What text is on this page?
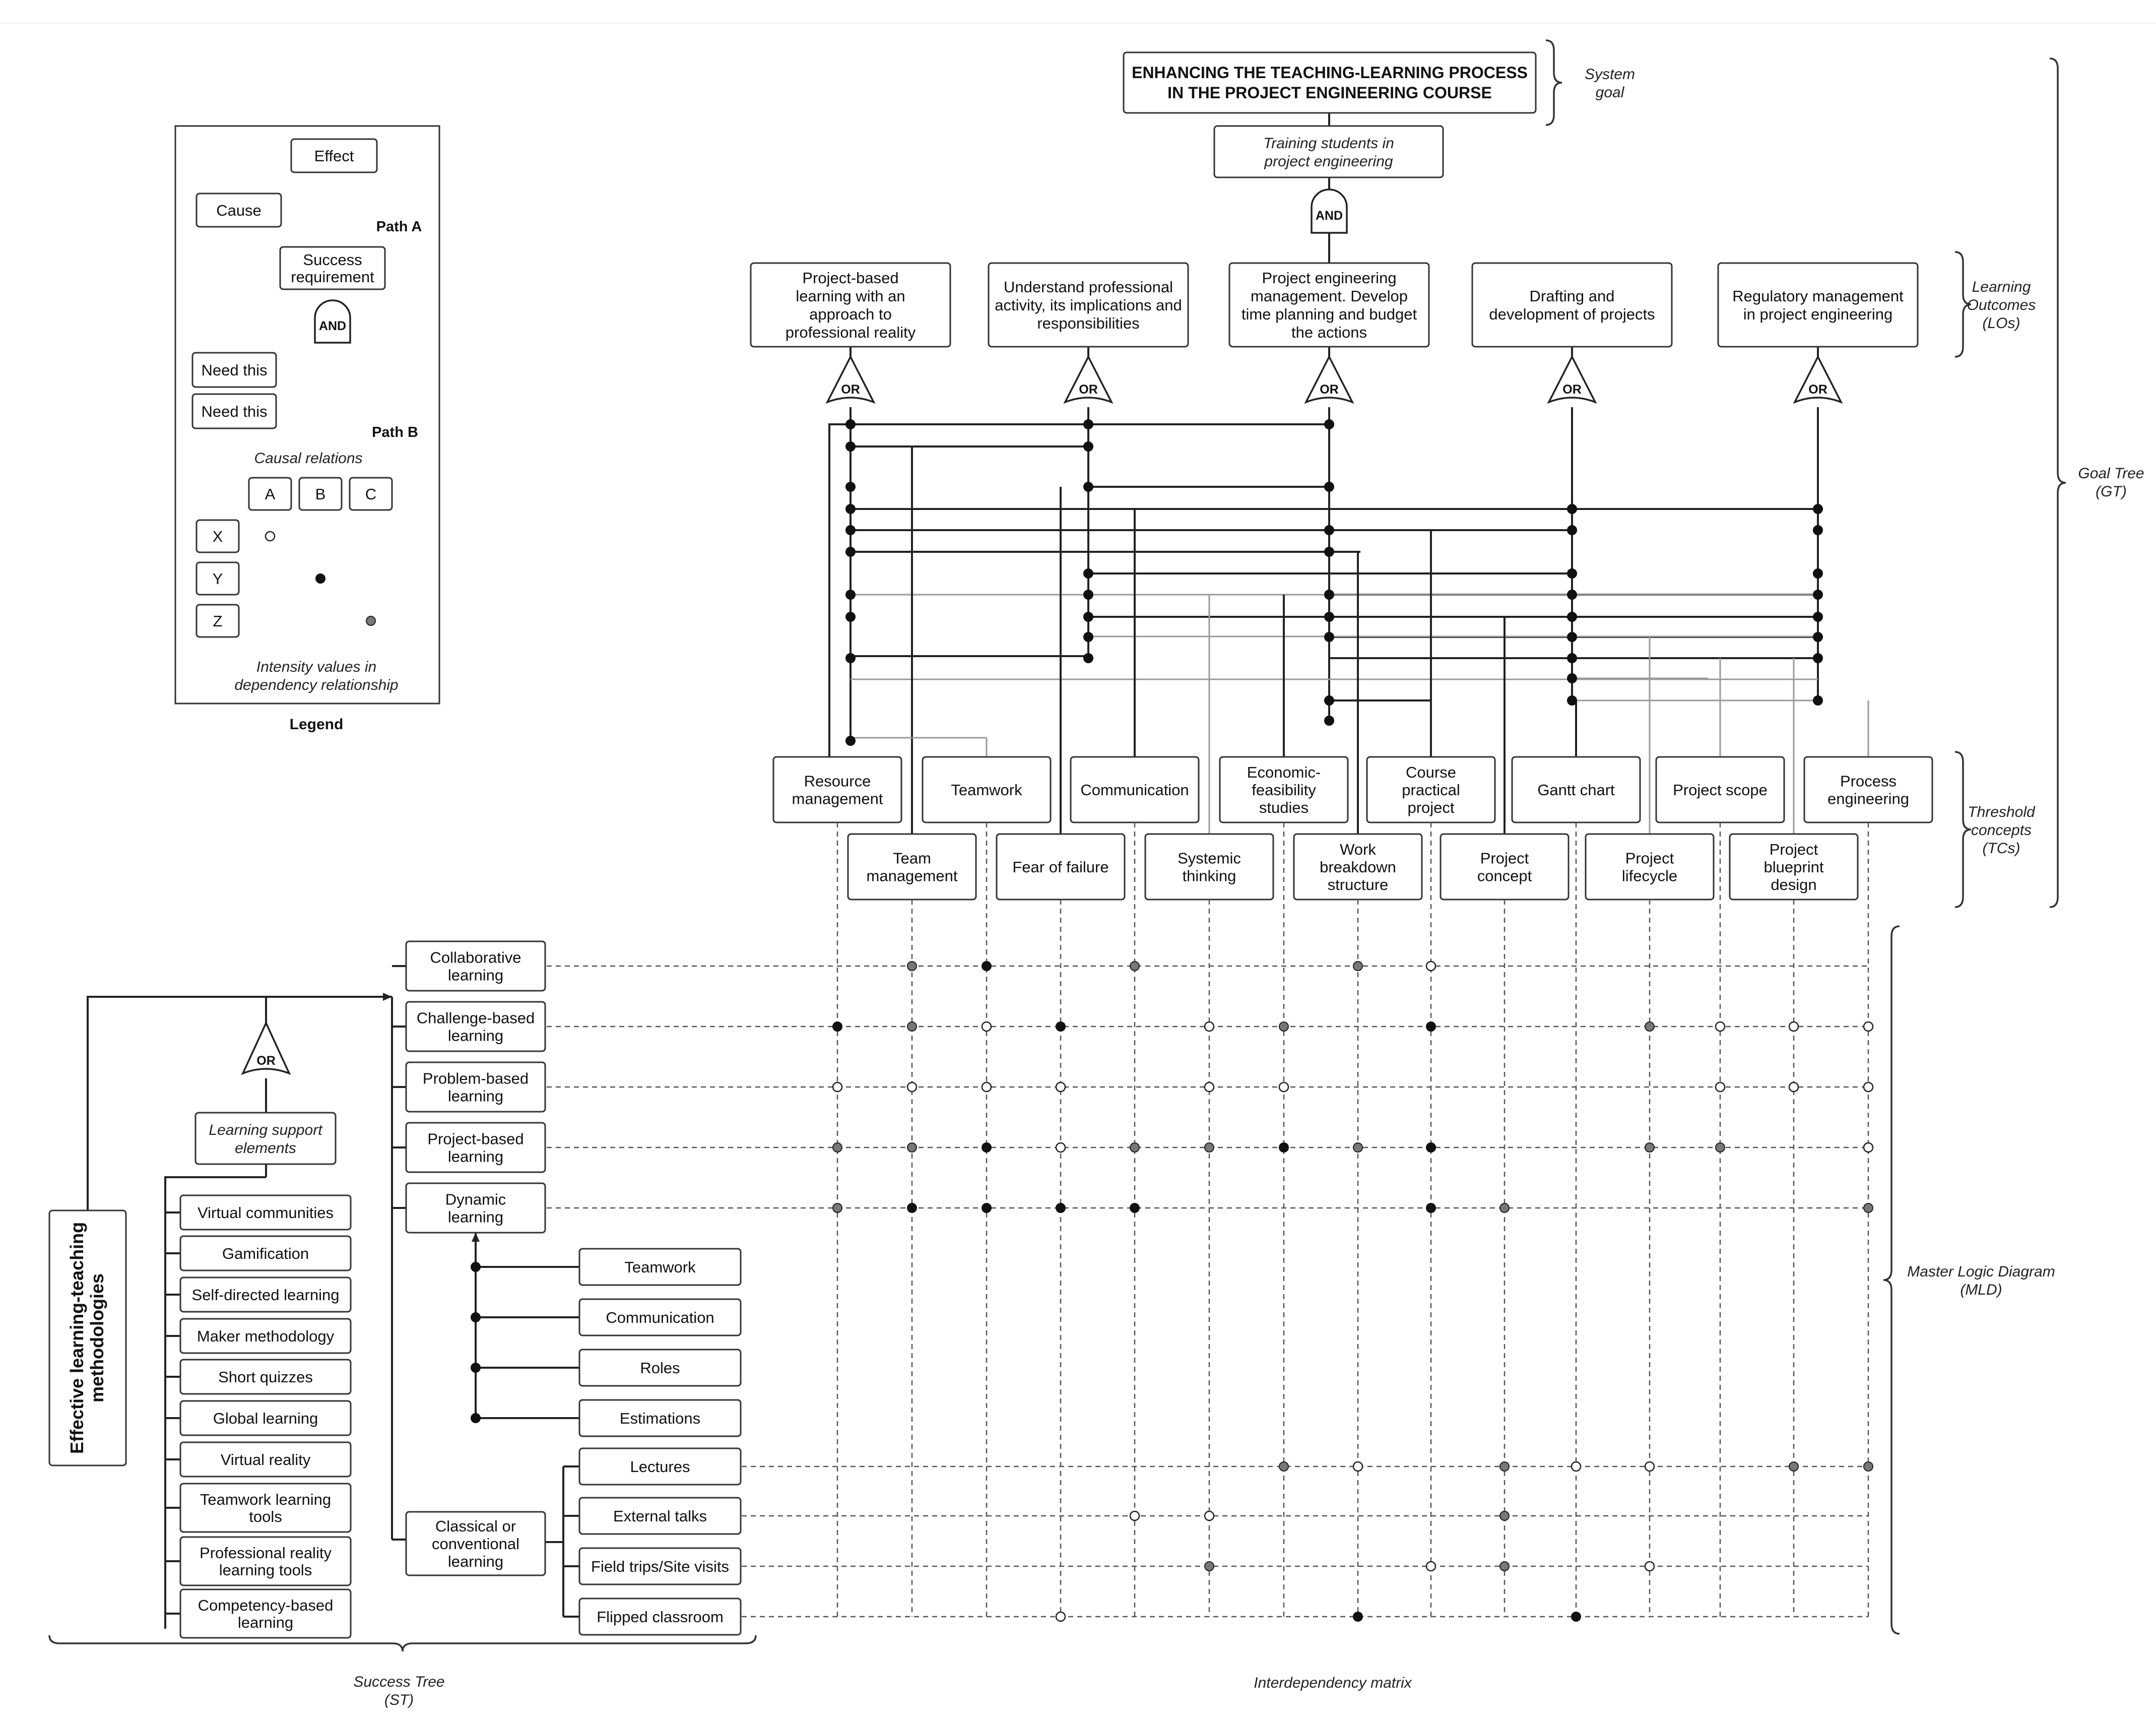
ENHANCING THE TEACHING-LEARNING PROCESS IN THE PROJECT ENGINEERING COURSE
Training students in project engineering
AND
Project-based learning with an approach to professional reality
OR
Understand professional activity, its implications and responsibilities
OR
Project engineering management. Develop time planning and budget the actions
OR
Drafting and development of projects
OR
Regulatory management in project engineering
OR
Resource management	Teamwork	Communication
Economic-feasibility studies
Course practical project
Gantt chart	Project scope	Process engineering
Team management	Fear of failure	Systemic thinking
Work breakdown structure
Project concept
Project lifecycle
Project blueprint design
Effective learning-teachingmethodologies
OR
Learning support elements
Virtual communities
Gamification
Self-directed learning
Maker methodology
Short quizzes
Global learning
Virtual reality
Teamwork learning tools
Professional reality learning tools
Competency-based learning
Collaborative learning
Challenge-based learning
Problem-based learning
Project-based learning
Dynamic learning
Teamwork
Communication
Roles
Estimations
Classical or conventional learning
Lectures
External talks
Field trips/Site visits
Flipped classroom
Effect
Cause
Path A
Success requirement
AND
Need this
Need this
Path B
Causal relations
A	B	C
X
Y
Z
Intensity values in dependency relationship
Legend
System goal
Learning Outcomes (LOs)
Threshold concepts (TCs)
Goal Tree (GT)
Master Logic Diagram (MLD)
Success Tree (ST)
Interdependency matrix
